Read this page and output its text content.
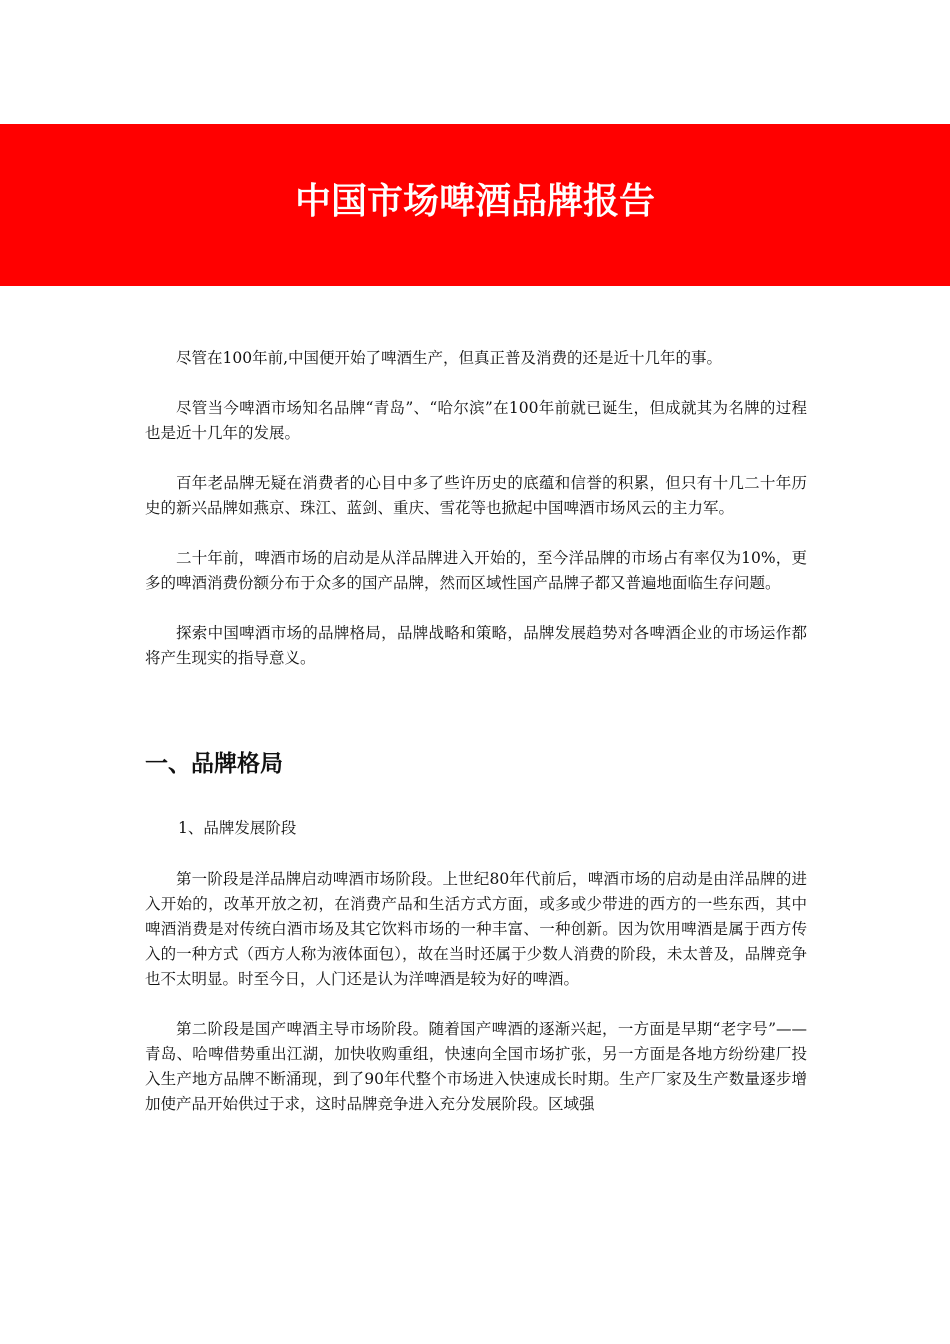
中国市场啤酒品牌报告

尽管在100年前,中国便开始了啤酒生产，但真正普及消费的还是近十几年的事。

尽管当今啤酒市场知名品牌“青岛”、“哈尔滨”在100年前就已诞生，但成就其为名牌的过程也是近十几年的发展。

百年老品牌无疑在消费者的心目中多了些许历史的底蕴和信誉的积累，但只有十几二十年历史的新兴品牌如燕京、珠江、蓝剑、重庆、雪花等也掀起中国啤酒市场风云的主力军。

二十年前，啤酒市场的启动是从洋品牌进入开始的，至今洋品牌的市场占有率仅为10%，更多的啤酒消费份额分布于众多的国产品牌，然而区域性国产品牌子都又普遍地面临生存问题。

探索中国啤酒市场的品牌格局，品牌战略和策略，品牌发展趋势对各啤酒企业的市场运作都将产生现实的指导意义。

一、品牌格局
1、品牌发展阶段

第一阶段是洋品牌启动啤酒市场阶段。上世纪80年代前后，啤酒市场的启动是由洋品牌的进入开始的，改革开放之初，在消费产品和生活方式方面，或多或少带进的西方的一些东西，其中啤酒消费是对传统白酒市场及其它饮料市场的一种丰富、一种创新。因为饮用啤酒是属于西方传入的一种方式（西方人称为液体面包），故在当时还属于少数人消费的阶段，未太普及，品牌竞争也不太明显。时至今日，人门还是认为洋啤酒是较为好的啤酒。

第二阶段是国产啤酒主导市场阶段。随着国产啤酒的逐渐兴起，一方面是早期“老字号”——青岛、哈啤借势重出江湖，加快收购重组，快速向全国市场扩张，另一方面是各地方纷纷建厂投入生产地方品牌不断涌现，到了90年代整个市场进入快速成长时期。生产厂家及生产数量逐步增加使产品开始供过于求，这时品牌竞争进入充分发展阶段。区域强
